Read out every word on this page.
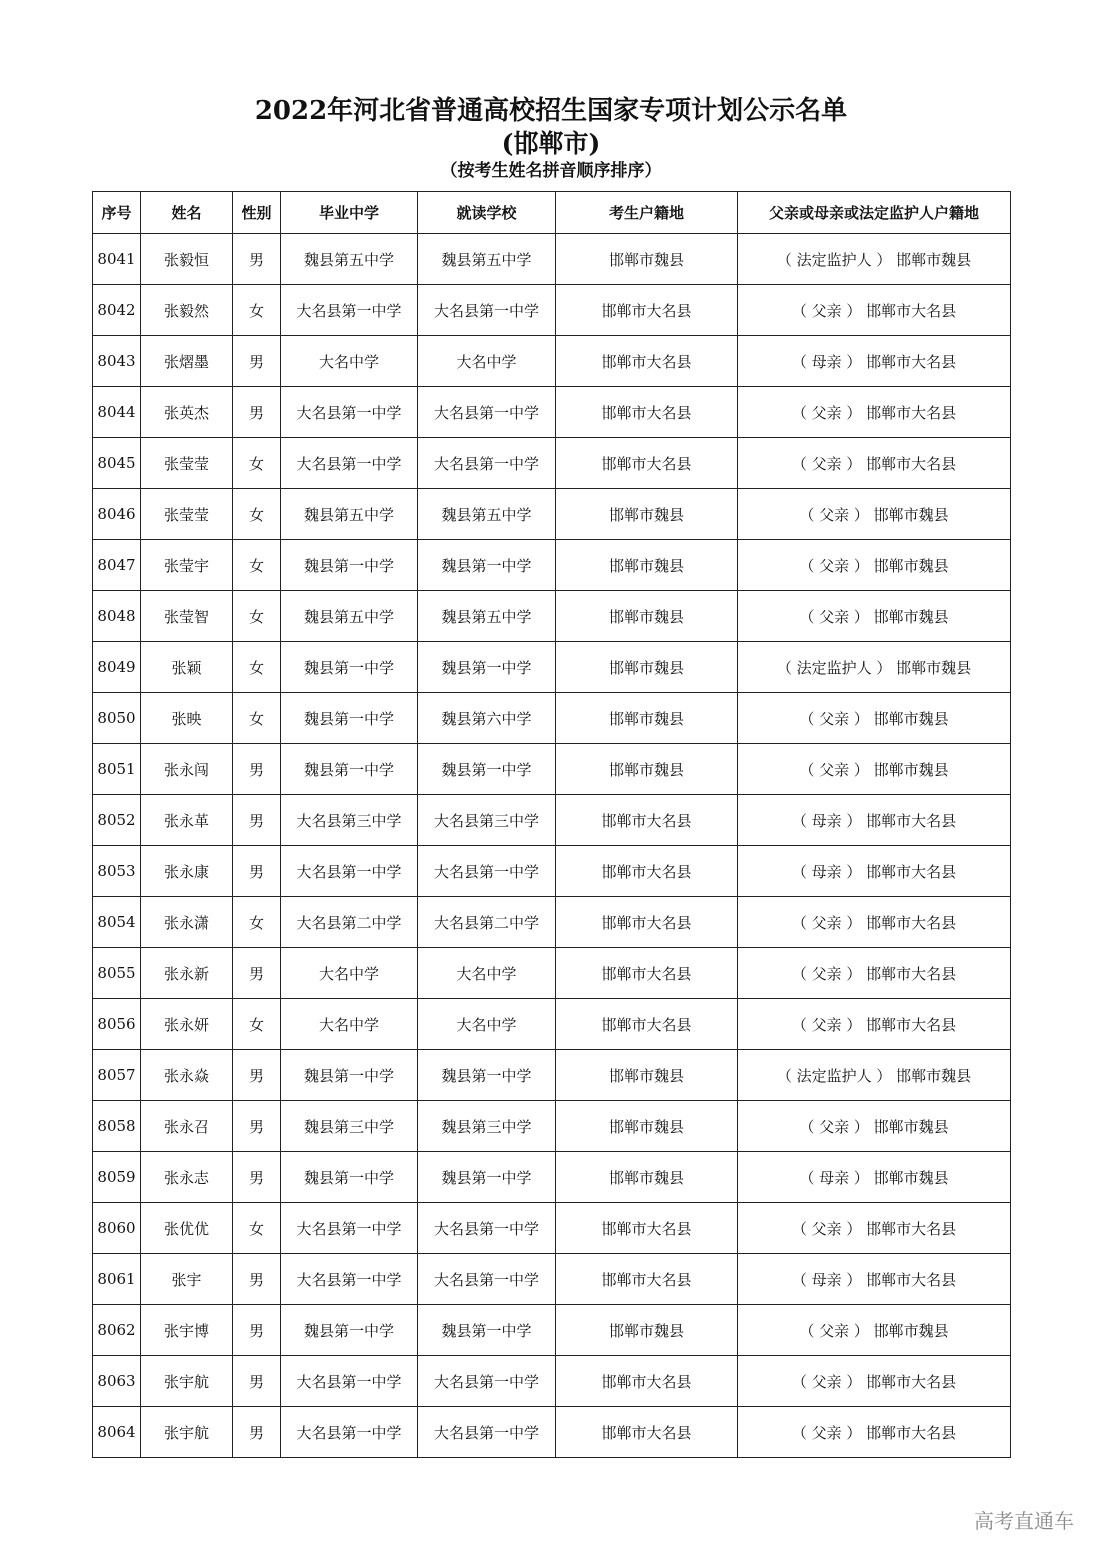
2022年河北省普通高校招生国家专项计划公示名单
(邯郸市)
（按考生姓名拼音顺序排序）
序号	姓名	性别	毕业中学	就读学校	考生户籍地	父亲或母亲或法定监护人户籍地
8041	张毅恒	男	魏县第五中学	魏县第五中学	邯郸市魏县	（ 法定监护人 ） 邯郸市魏县
8042	张毅然	女	大名县第一中学	大名县第一中学	邯郸市大名县	（ 父亲 ） 邯郸市大名县
8043	张熠墨	男	大名中学	大名中学	邯郸市大名县	（ 母亲 ） 邯郸市大名县
8044	张英杰	男	大名县第一中学	大名县第一中学	邯郸市大名县	（ 父亲 ） 邯郸市大名县
8045	张莹莹	女	大名县第一中学	大名县第一中学	邯郸市大名县	（ 父亲 ） 邯郸市大名县
8046	张莹莹	女	魏县第五中学	魏县第五中学	邯郸市魏县	（ 父亲 ） 邯郸市魏县
8047	张莹宇	女	魏县第一中学	魏县第一中学	邯郸市魏县	（ 父亲 ） 邯郸市魏县
8048	张莹智	女	魏县第五中学	魏县第五中学	邯郸市魏县	（ 父亲 ） 邯郸市魏县
8049	张颖	女	魏县第一中学	魏县第一中学	邯郸市魏县	（ 法定监护人 ） 邯郸市魏县
8050	张映	女	魏县第一中学	魏县第六中学	邯郸市魏县	（ 父亲 ） 邯郸市魏县
8051	张永闯	男	魏县第一中学	魏县第一中学	邯郸市魏县	（ 父亲 ） 邯郸市魏县
8052	张永革	男	大名县第三中学	大名县第三中学	邯郸市大名县	（ 母亲 ） 邯郸市大名县
8053	张永康	男	大名县第一中学	大名县第一中学	邯郸市大名县	（ 母亲 ） 邯郸市大名县
8054	张永潇	女	大名县第二中学	大名县第二中学	邯郸市大名县	（ 父亲 ） 邯郸市大名县
8055	张永新	男	大名中学	大名中学	邯郸市大名县	（ 父亲 ） 邯郸市大名县
8056	张永妍	女	大名中学	大名中学	邯郸市大名县	（ 父亲 ） 邯郸市大名县
8057	张永焱	男	魏县第一中学	魏县第一中学	邯郸市魏县	（ 法定监护人 ） 邯郸市魏县
8058	张永召	男	魏县第三中学	魏县第三中学	邯郸市魏县	（ 父亲 ） 邯郸市魏县
8059	张永志	男	魏县第一中学	魏县第一中学	邯郸市魏县	（ 母亲 ） 邯郸市魏县
8060	张优优	女	大名县第一中学	大名县第一中学	邯郸市大名县	（ 父亲 ） 邯郸市大名县
8061	张宇	男	大名县第一中学	大名县第一中学	邯郸市大名县	（ 母亲 ） 邯郸市大名县
8062	张宇博	男	魏县第一中学	魏县第一中学	邯郸市魏县	（ 父亲 ） 邯郸市魏县
8063	张宇航	男	大名县第一中学	大名县第一中学	邯郸市大名县	（ 父亲 ） 邯郸市大名县
8064	张宇航	男	大名县第一中学	大名县第一中学	邯郸市大名县	（ 父亲 ） 邯郸市大名县
高考直通车
